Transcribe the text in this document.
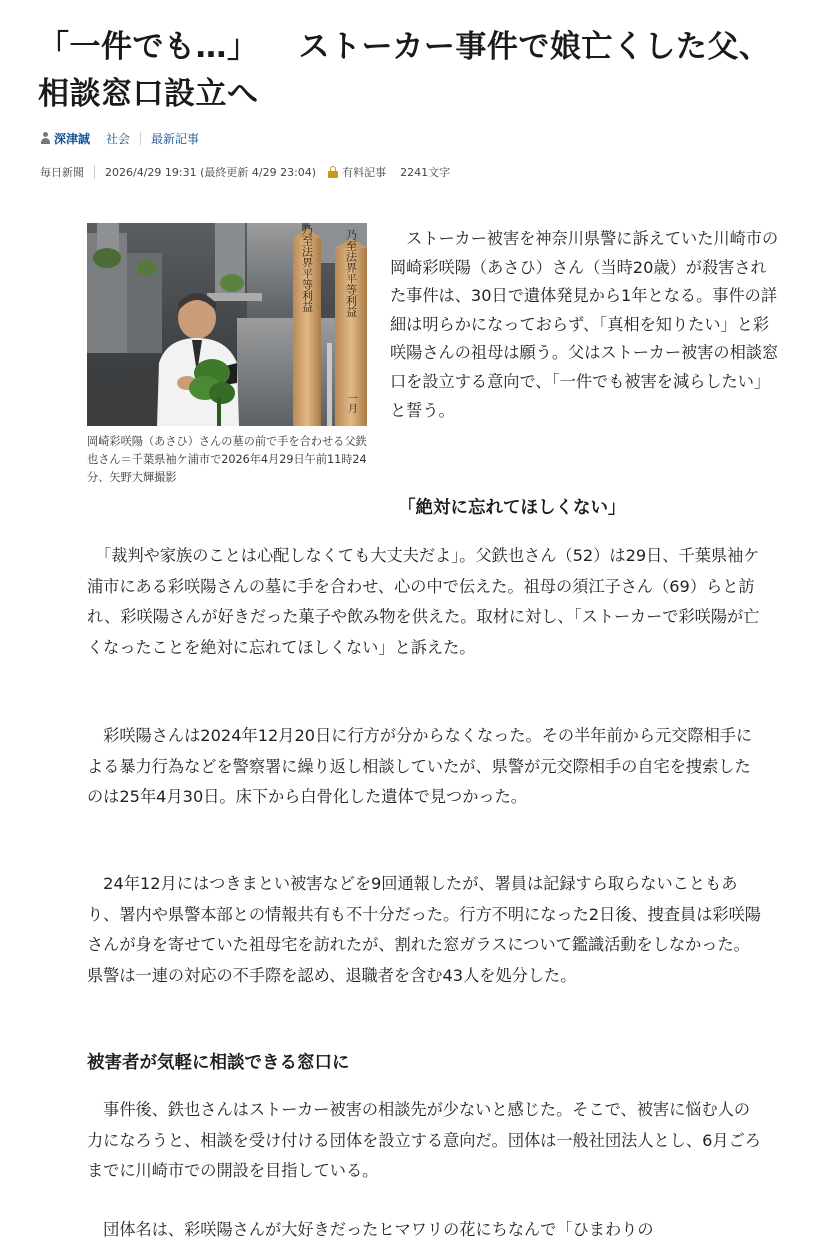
「一件でも…」 ストーカー事件で娘亡くした父、
相談窓口設立へ
深津誠 社会 最新記事
毎日新聞 2026/4/29 19:31 (最終更新 4/29 23:04) 有料記事 2241文字
乃至法界平等利益	乃至法界平等利益
一月

岡崎彩咲陽（あさひ）さんの墓の前で手を合わせる父鉄也さん＝千葉県袖ケ浦市で2026年4月29日午前11時24分、矢野大輝撮影

　ストーカー被害を神奈川県警に訴えていた川崎市の岡崎彩咲陽（あさひ）さん（当時20歳）が殺害された事件は、30日で遺体発見から1年となる。事件の詳細は明らかになっておらず、「真相を知りたい」と彩咲陽さんの祖母は願う。父はストーカー被害の相談窓口を設立する意向で、「一件でも被害を減らしたい」と誓う。

「絶対に忘れてほしくない」

　「裁判や家族のことは心配しなくても大丈夫だよ」。父鉄也さん（52）は29日、千葉県袖ケ浦市にある彩咲陽さんの墓に手を合わせ、心の中で伝えた。祖母の須江子さん（69）らと訪れ、彩咲陽さんが好きだった菓子や飲み物を供えた。取材に対し、「ストーカーで彩咲陽が亡くなったことを絶対に忘れてほしくない」と訴えた。

　彩咲陽さんは2024年12月20日に行方が分からなくなった。その半年前から元交際相手による暴力行為などを警察署に繰り返し相談していたが、県警が元交際相手の自宅を捜索したのは25年4月30日。床下から白骨化した遺体で見つかった。

　24年12月にはつきまとい被害などを9回通報したが、署員は記録すら取らないこともあり、署内や県警本部との情報共有も不十分だった。行方不明になった2日後、捜査員は彩咲陽さんが身を寄せていた祖母宅を訪れたが、割れた窓ガラスについて鑑識活動をしなかった。県警は一連の対応の不手際を認め、退職者を含む43人を処分した。

被害者が気軽に相談できる窓口に

　事件後、鉄也さんはストーカー被害の相談先が少ないと感じた。そこで、被害に悩む人の力になろうと、相談を受け付ける団体を設立する意向だ。団体は一般社団法人とし、6月ごろまでに川崎市での開設を目指している。

　団体名は、彩咲陽さんが大好きだったヒマワリの花にちなんで「ひまわりの
